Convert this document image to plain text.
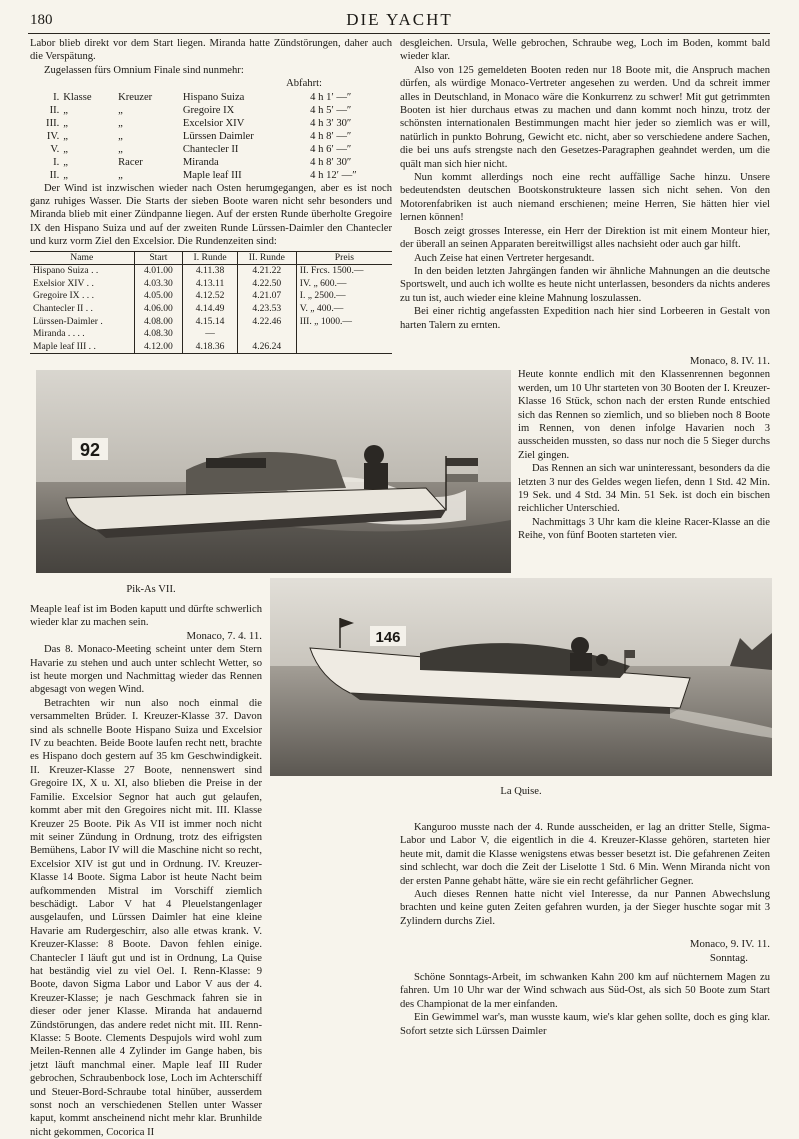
180	DIE YACHT

Labor blieb direkt vor dem Start liegen. Miranda hatte Zündstörungen, daher auch die Verspätung.

Zugelassen fürs Omnium Finale sind nunmehr:

Abfahrt:
I.	Klasse	Kreuzer	Hispano Suiza	4 h 1′ —″
II.	„	„	Gregoire IX	4 h 5′ —″
III.	„	„	Excelsior XIV	4 h 3′ 30″
IV.	„	„	Lürssen Daimler	4 h 8′ —″
V.	„	„	Chantecler II	4 h 6′ —″
I.	„	Racer	Miranda	4 h 8′ 30″
II.	„	„	Maple leaf III	4 h 12′ —″

Der Wind ist inzwischen wieder nach Osten herumgegangen, aber es ist noch ganz ruhiges Wasser. Die Starts der sieben Boote waren nicht sehr besonders und Miranda blieb mit einer Zündpanne liegen. Auf der ersten Runde überholte Gregoire IX den Hispano Suiza und auf der zweiten Runde Lürssen-Daimler den Chantecler und kurz vorm Ziel den Excelsior. Die Rundenzeiten sind:

Name	Start	I. Runde	II. Runde	Preis
Hispano Suiza . .	4.01.00	4.11.38	4.21.22	II. Frcs. 1500.—
Exelsior XIV . .	4.03.30	4.13.11	4.22.50	IV. „ 600.—
Gregoire IX . . .	4.05.00	4.12.52	4.21.07	I. „ 2500.—
Chantecler II . .	4.06.00	4.14.49	4.23.53	V. „ 400.—
Lürssen-Daimler .	4.08.00	4.15.14	4.22.46	III. „ 1000.—
Miranda . . . .	4.08.30	—		
Maple leaf III . .	4.12.00	4.18.36	4.26.24	

desgleichen. Ursula, Welle gebrochen, Schraube weg, Loch im Boden, kommt bald wieder klar.

Also von 125 gemeldeten Booten reden nur 18 Boote mit, die Anspruch machen dürfen, als würdige Monaco-Vertreter angesehen zu werden. Und da schreit immer alles in Deutschland, in Monaco wäre die Konkurrenz zu schwer! Mit gut getrimmten Booten ist hier durchaus etwas zu machen und dann kommt noch hinzu, trotz der schönsten internationalen Bestimmungen macht hier jeder so ziemlich was er will, natürlich in punkto Bohrung, Gewicht etc. nicht, aber so verschiedene andere Sachen, die bei uns aufs strengste nach den Gesetzes-Paragraphen geahndet werden, um die quält man sich hier nicht.

Nun kommt allerdings noch eine recht auffällige Sache hinzu. Unsere bedeutendsten deutschen Bootskonstrukteure lassen sich nicht sehen. Von den Motorenfabriken ist auch niemand erschienen; meine Herren, Sie hätten hier viel lernen können!

Bosch zeigt grosses Interesse, ein Herr der Direktion ist mit einem Monteur hier, der überall an seinen Apparaten bereitwilligst alles nachsieht oder auch gar hilft.

Auch Zeise hat einen Vertreter hergesandt.

In den beiden letzten Jahrgängen fanden wir ähnliche Mahnungen an die deutsche Sportswelt, und auch ich wollte es heute nicht unterlassen, besonders da nichts anderes zu tun ist, auch wieder eine kleine Mahnung loszulassen.

Bei einer richtig angefassten Expedition nach hier sind Lorbeeren in Gestalt von harten Talern zu ernten.

92
Monaco, 8. IV. 11.

Heute konnte endlich mit den Klassenrennen begonnen werden, um 10 Uhr starteten von 30 Booten der I. Kreuzer-Klasse 16 Stück, schon nach der ersten Runde entschied sich das Rennen so ziemlich, und so blieben noch 8 Boote im Rennen, von denen infolge Havarien noch 3 ausscheiden mussten, so dass nur noch die 5 Sieger durchs Ziel gingen.

Das Rennen an sich war uninteressant, besonders da die letzten 3 nur des Geldes wegen liefen, denn 1 Std. 42 Min. 19 Sek. und 4 Std. 34 Min. 51 Sek. ist doch ein bischen reichlicher Unterschied.

Nachmittags 3 Uhr kam die kleine Racer-Klasse an die Reihe, von fünf Booten starteten vier.

Pik-As VII.
146

Meaple leaf ist im Boden kaputt und dürfte schwerlich wieder klar zu machen sein.

Monaco, 7. 4. 11.

Das 8. Monaco-Meeting scheint unter dem Stern Havarie zu stehen und auch unter schlecht Wetter, so ist heute morgen und Nachmittag wieder das Rennen abgesagt von wegen Wind.

Betrachten wir nun also noch einmal die versammelten Brüder. I. Kreuzer-Klasse 37. Davon sind als schnelle Boote Hispano Suiza und Excelsior IV zu beachten. Beide Boote laufen recht nett, brachte es Hispano doch gestern auf 35 km Geschwindigkeit. II. Kreuzer-Klasse 27 Boote, nennenswert sind Gregoire IX, X u. XI, also blieben die Preise in der Familie. Excelsior Segnor hat auch gut gelaufen, kommt aber mit den Gregoires nicht mit. III. Klasse Kreuzer 25 Boote. Pik As VII ist immer noch nicht mit seiner Zündung in Ordnung, trotz des eifrigsten Bemühens, Labor IV will die Maschine nicht so recht, Excelsior XIV ist gut und in Ordnung. IV. Kreuzer-Klasse 14 Boote. Sigma Labor ist heute Nacht beim aufkommenden Mistral im Vorschiff ziemlich beschädigt. Labor V hat 4 Pleuelstangenlager ausgelaufen, und Lürssen Daimler hat eine kleine Havarie am Rudergeschirr, also alle etwas krank. V. Kreuzer-Klasse: 8 Boote. Davon fehlen einige. Chantecler I läuft gut und ist in Ordnung, La Quise hat beständig viel zu viel Oel. I. Renn-Klasse: 9 Boote, davon Sigma Labor und Labor V aus der 4. Kreuzer-Klasse; je nach Geschmack fahren sie in dieser oder jener Klasse. Miranda hat andauernd Zündstörungen, das andere redet nicht mit. III. Renn-Klasse: 5 Boote. Clements Despujols wird wohl zum Meilen-Rennen alle 4 Zylinder im Gange haben, bis jetzt läuft manchmal einer. Maple leaf III Ruder gebrochen, Schraubenbock lose, Loch im Achterschiff und Steuer-Bord-Schraube total hinüber, ausserdem sonst noch an verschiedenen Stellen unter Wasser kaput, kommt anscheinend nicht mehr klar. Brunhilde nicht gekommen, Cocorica II

La Quise.

Kanguroo musste nach der 4. Runde ausscheiden, er lag an dritter Stelle, Sigma-Labor und Labor V, die eigentlich in die 4. Kreuzer-Klasse gehören, starteten hier heute mit, damit die Klasse wenigstens etwas besser besetzt ist. Die gefahrenen Zeiten sind schlecht, war doch die Zeit der Liselotte 1 Std. 6 Min. Wenn Miranda nicht von der ersten Panne gehabt hätte, wäre sie ein recht gefährlicher Gegner.

Auch dieses Rennen hatte nicht viel Interesse, da nur Pannen Abwechslung brachten und keine guten Zeiten gefahren wurden, ja der Sieger huschte sogar mit 3 Zylindern durchs Ziel.

Monaco, 9. IV. 11.
Sonntag.

Schöne Sonntags-Arbeit, im schwanken Kahn 200 km auf nüchternem Magen zu fahren. Um 10 Uhr war der Wind schwach aus Süd-Ost, als sich 50 Boote zum Start des Championat de la mer einfanden.

Ein Gewimmel war's, man wusste kaum, wie's klar gehen sollte, doch es ging klar. Sofort setzte sich Lürssen Daimler
